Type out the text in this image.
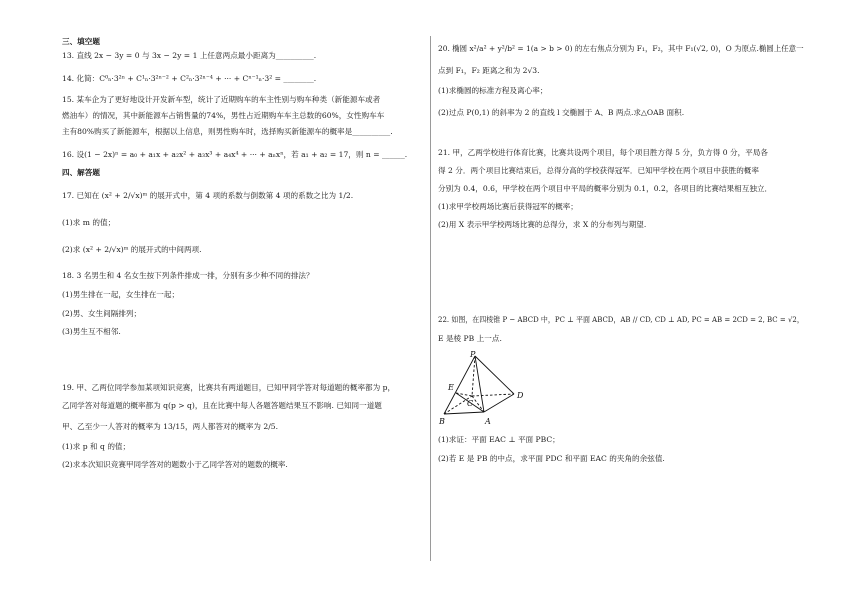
三、填空题
13. 直线 2x − 3y = 0 与 3x − 2y = 1 上任意两点最小距离为__________.
14. 化简：C⁰ₙ·3²ⁿ + C¹ₙ·3²ⁿ⁻² + C²ₙ·3²ⁿ⁻⁴ + ··· + Cⁿ⁻¹ₙ·3² = ________.
15. 某车企为了更好地设计开发新车型，统计了近期购车的车主性别与购车种类（新能源车或者
燃油车）的情况，其中新能源车占销售量的74%，男性占近期购车车主总数的60%，女性购车车
主有80%购买了新能源车，根据以上信息，则男性购车时，选择购买新能源车的概率是__________.
16. 设(1 − 2x)ⁿ = a₀ + a₁x + a₂x² + a₃x³ + a₄x⁴ + ··· + aₙxⁿ，若 a₁ + a₂ = 17，则 n = ______.
四、解答题
17. 已知在 (x² + 2/√x)ᵐ 的展开式中，第 4 项的系数与倒数第 4 项的系数之比为 1/2.
(1)求 m 的值；
(2)求 (x² + 2/√x)ᵐ 的展开式的中间两项.
18. 3 名男生和 4 名女生按下列条件排成一排，分别有多少种不同的排法？
(1)男生排在一起，女生排在一起；
(2)男、女生间隔排列；
(3)男生互不相邻.
19. 甲、乙两位同学参加某项知识竞赛，比赛共有两道题目，已知甲同学答对每道题的概率都为 p，
乙同学答对每道题的概率都为 q(p > q)，且在比赛中每人各题答题结果互不影响. 已知同一道题
甲、乙至少一人答对的概率为 13/15，两人都答对的概率为 2/5.
(1)求 p 和 q 的值；
(2)求本次知识竞赛甲同学答对的题数小于乙同学答对的题数的概率.
20. 椭圆 x²/a² + y²/b² = 1(a > b > 0) 的左右焦点分别为 F₁，F₂，其中 F₁(√2, 0)，O 为原点.椭圆上任意一
点到 F₁，F₂ 距离之和为 2√3.
(1)求椭圆的标准方程及离心率；
(2)过点 P(0,1) 的斜率为 2 的直线 l 交椭圆于 A、B 两点.求△OAB 面积.
21. 甲，乙两学校进行体育比赛，比赛共设两个项目，每个项目胜方得 5 分，负方得 0 分，平局各
得 2 分．两个项目比赛结束后，总得分高的学校获得冠军．已知甲学校在两个项目中获胜的概率
分别为 0.4，0.6，甲学校在两个项目中平局的概率分别为 0.1，0.2，各项目的比赛结果相互独立．
(1)求甲学校两场比赛后获得冠军的概率；
(2)用 X 表示甲学校两场比赛的总得分，求 X 的分布列与期望.
22. 如图，在四棱锥 P − ABCD 中，PC ⊥ 平面 ABCD，AB // CD, CD ⊥ AD, PC = AB = 2CD = 2, BC = √2，
E 是棱 PB 上一点.
P
E
C
D
A
B
(1)求证：平面 EAC ⊥ 平面 PBC；
(2)若 E 是 PB 的中点，求平面 PDC 和平面 EAC 的夹角的余弦值.
